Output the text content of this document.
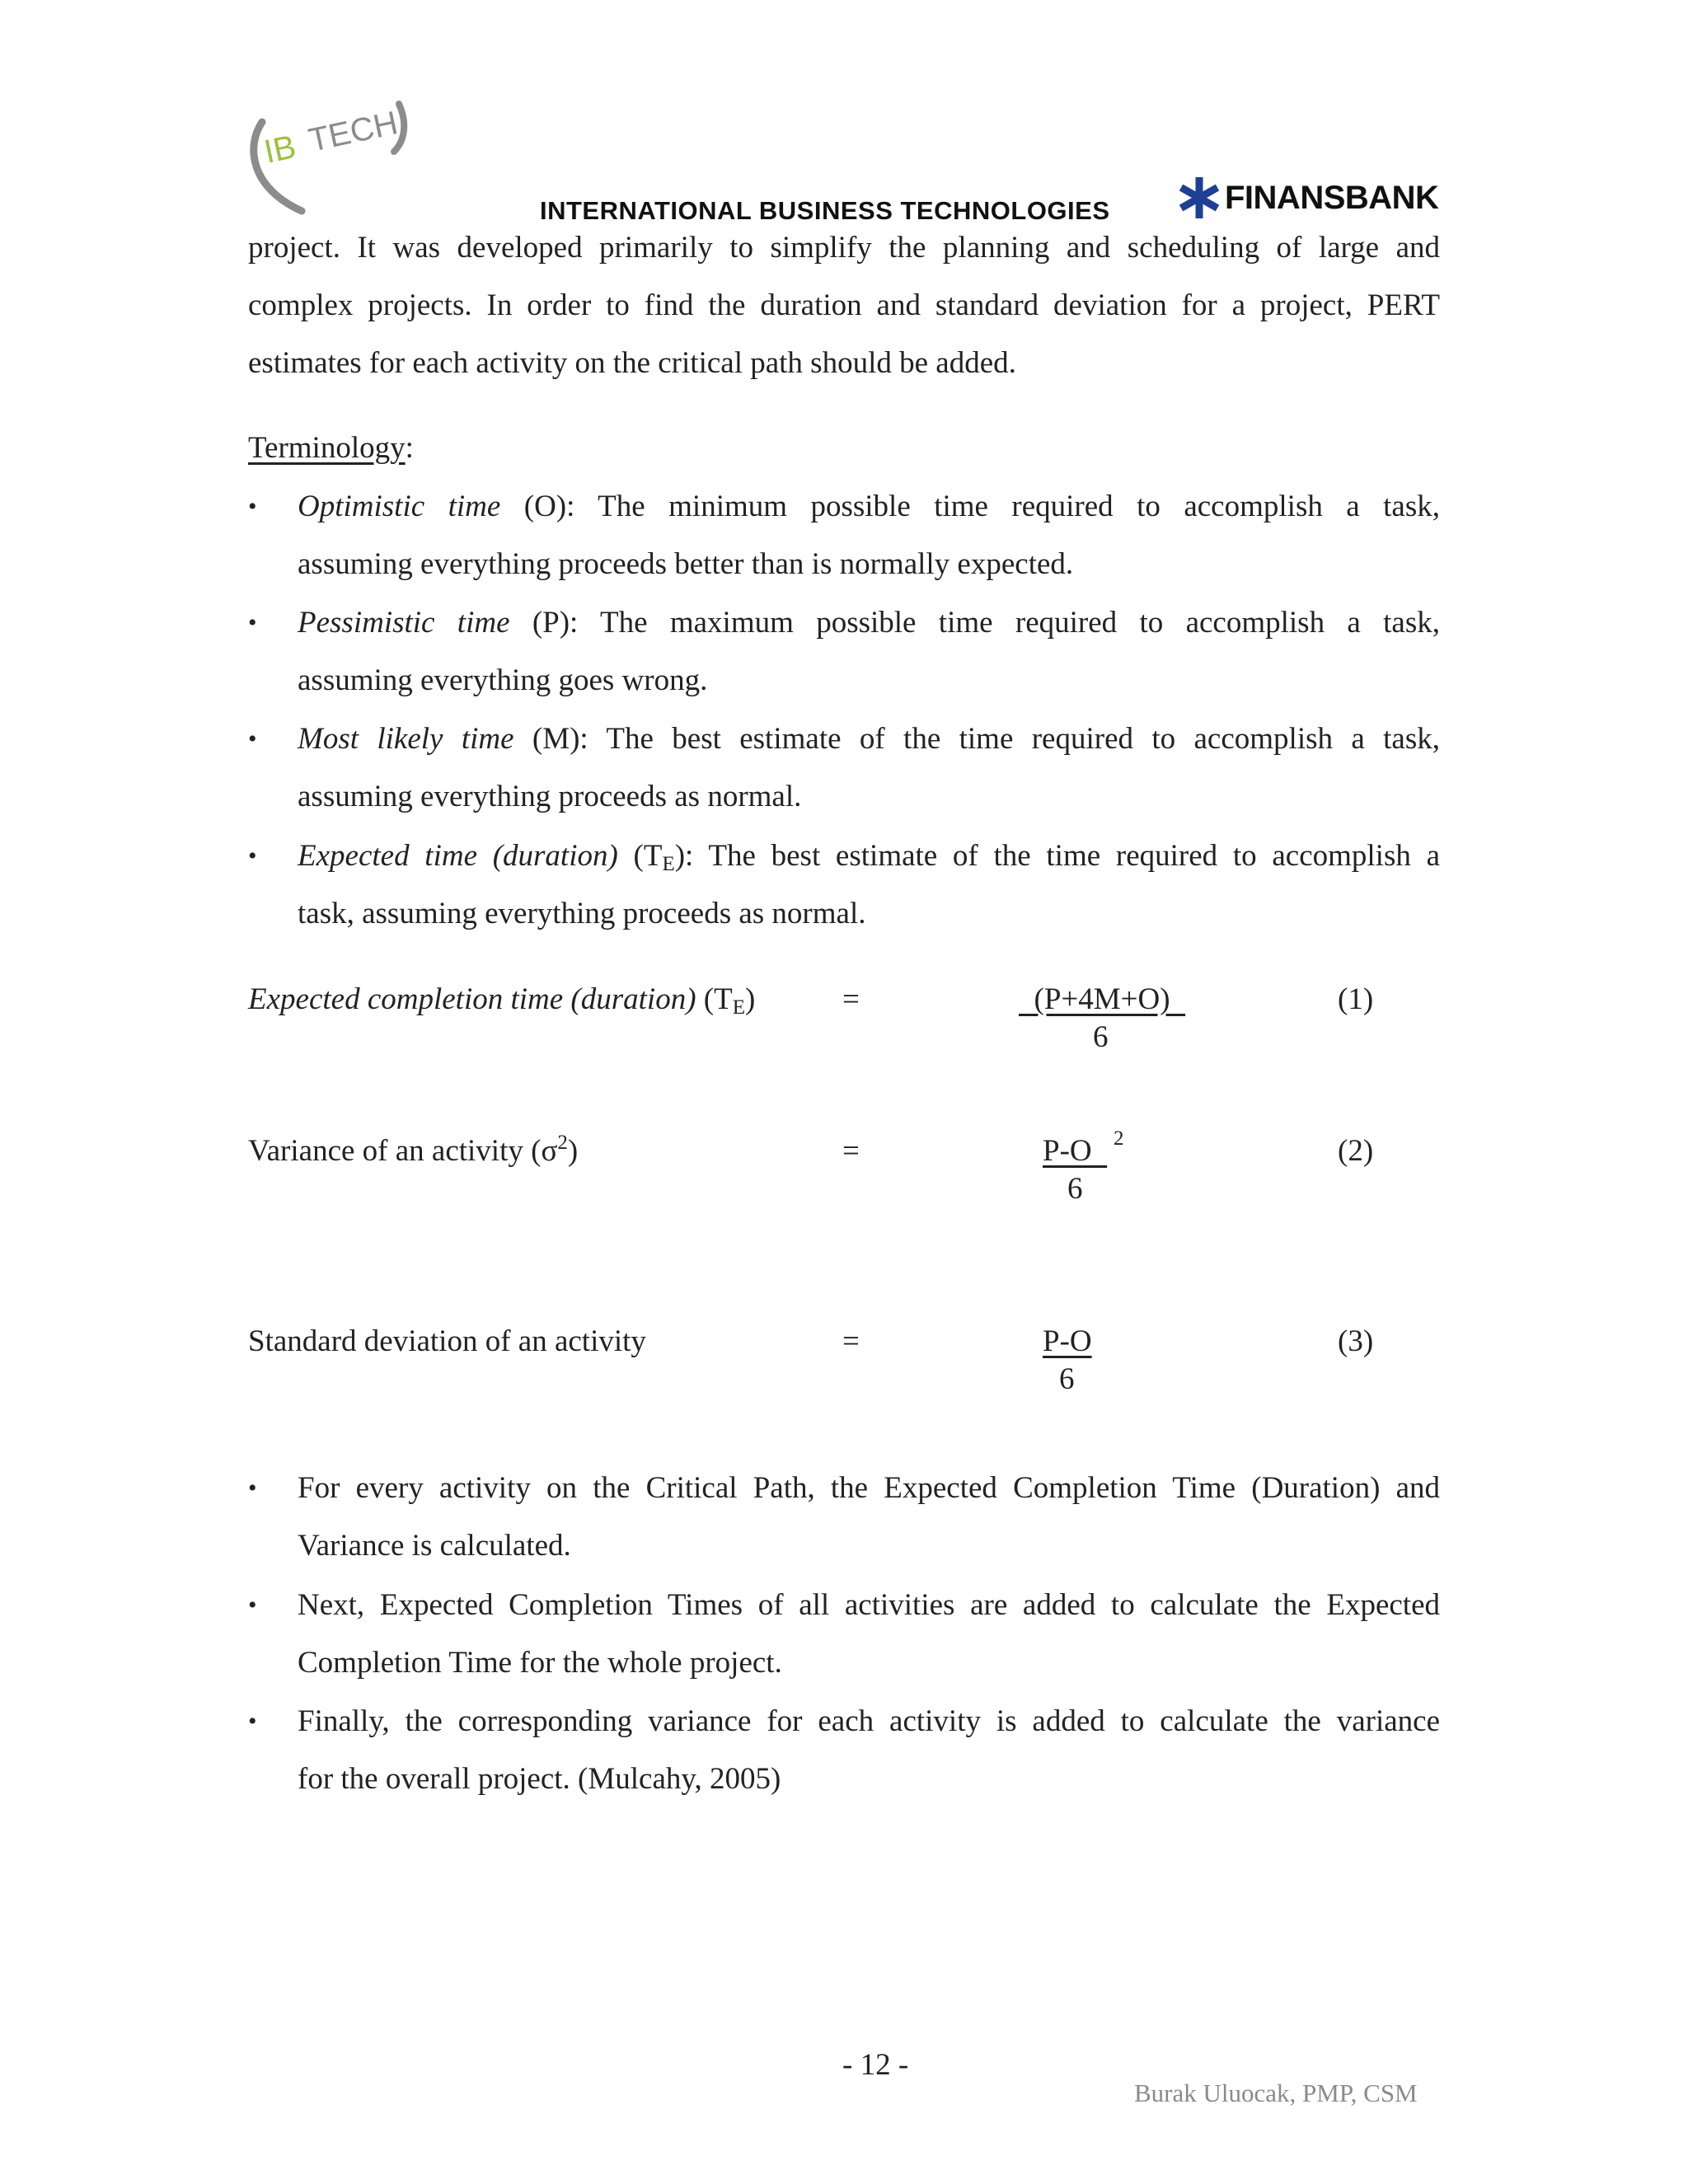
IB TECH
INTERNATIONAL BUSINESS TECHNOLOGIES	FINANSBANK
project. It was developed primarily to simplify the planning and scheduling of large and
complex projects. In order to find the duration and standard deviation for a project, PERT
estimates for each activity on the critical path should be added.
Terminology:
•	Optimistic time (O): The minimum possible time required to accomplish a task,
assuming everything proceeds better than is normally expected.
•	Pessimistic time (P): The maximum possible time required to accomplish a task,
assuming everything goes wrong.
•	Most likely time (M): The best estimate of the time required to accomplish a task,
assuming everything proceeds as normal.
•	Expected time (duration) $(T_E)$: The best estimate of the time required to accomplish a
task, assuming everything proceeds as normal.
Expected completion time (duration) $(T_E)$	=	(P+4M+O)
6
(1)
Variance of an activity $(\sigma^2)$	=	P-O 2
6
(2)
Standard deviation of an activity	=	P-O
6
(3)
•	For every activity on the Critical Path, the Expected Completion Time (Duration) and
Variance is calculated.
•	Next, Expected Completion Times of all activities are added to calculate the Expected
Completion Time for the whole project.
•	Finally, the corresponding variance for each activity is added to calculate the variance
for the overall project. (Mulcahy, 2005)
- 12 -
Burak Uluocak, PMP, CSM
